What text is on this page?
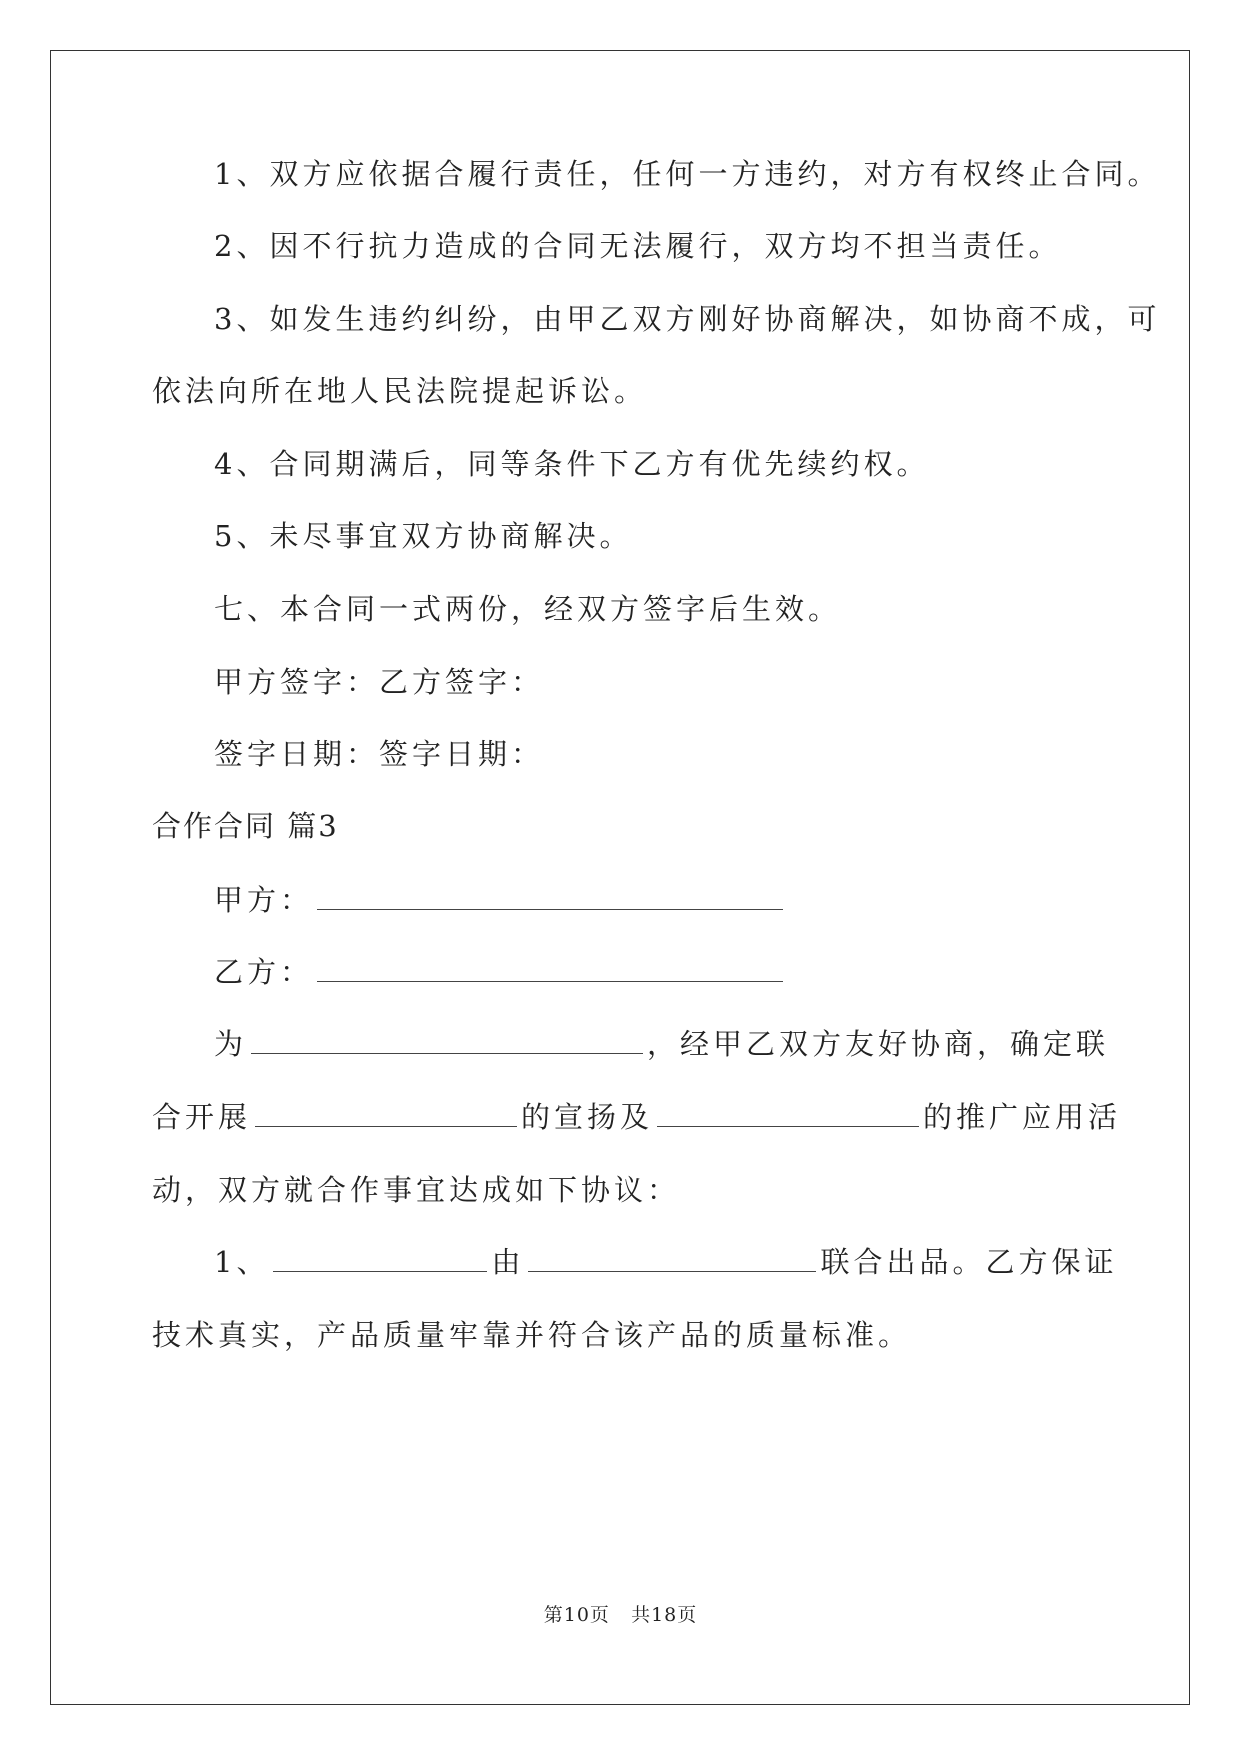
1、双方应依据合履行责任，任何一方违约，对方有权终止合同。
2、因不行抗力造成的合同无法履行，双方均不担当责任。
3、如发生违约纠纷，由甲乙双方刚好协商解决，如协商不成，可
依法向所在地人民法院提起诉讼。
4、合同期满后，同等条件下乙方有优先续约权。
5、未尽事宜双方协商解决。
七、本合同一式两份，经双方签字后生效。
甲方签字：乙方签字：
签字日期：签字日期：
合作合同 篇3
甲方：
乙方：
为	，经甲乙双方友好协商，确定联
合开展	的宣扬及	的推广应用活
动，双方就合作事宜达成如下协议：
1、	由	联合出品。乙方保证
技术真实，产品质量牢靠并符合该产品的质量标准。
第10页 共18页
